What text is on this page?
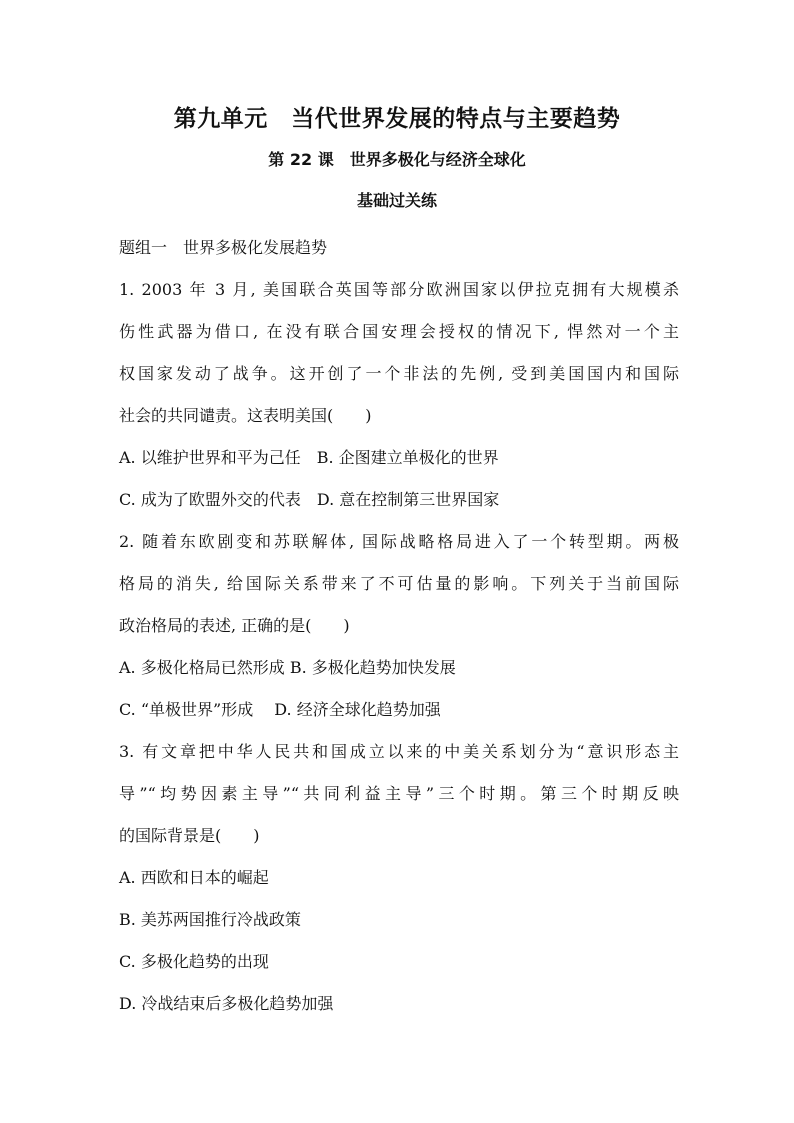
第九单元　当代世界发展的特点与主要趋势
第 22 课　世界多极化与经济全球化
基础过关练
题组一　世界多极化发展趋势
1. 2003 年 3 月, 美国联合英国等部分欧洲国家以伊拉克拥有大规模杀
伤性武器为借口, 在没有联合国安理会授权的情况下, 悍然对一个主
权国家发动了战争。这开创了一个非法的先例, 受到美国国内和国际
社会的共同谴责。这表明美国(　　)
A. 以维护世界和平为己任　B. 企图建立单极化的世界
C. 成为了欧盟外交的代表　D. 意在控制第三世界国家
2. 随着东欧剧变和苏联解体, 国际战略格局进入了一个转型期。两极
格局的消失, 给国际关系带来了不可估量的影响。下列关于当前国际
政治格局的表述, 正确的是(　　)
A. 多极化格局已然形成 B. 多极化趋势加快发展
C. “单极世界”形成　 D. 经济全球化趋势加强
3. 有文章把中华人民共和国成立以来的中美关系划分为“意识形态主
导”“均势因素主导”“共同利益主导”三个时期。第三个时期反映
的国际背景是(　　)
A. 西欧和日本的崛起
B. 美苏两国推行冷战政策
C. 多极化趋势的出现
D. 冷战结束后多极化趋势加强
